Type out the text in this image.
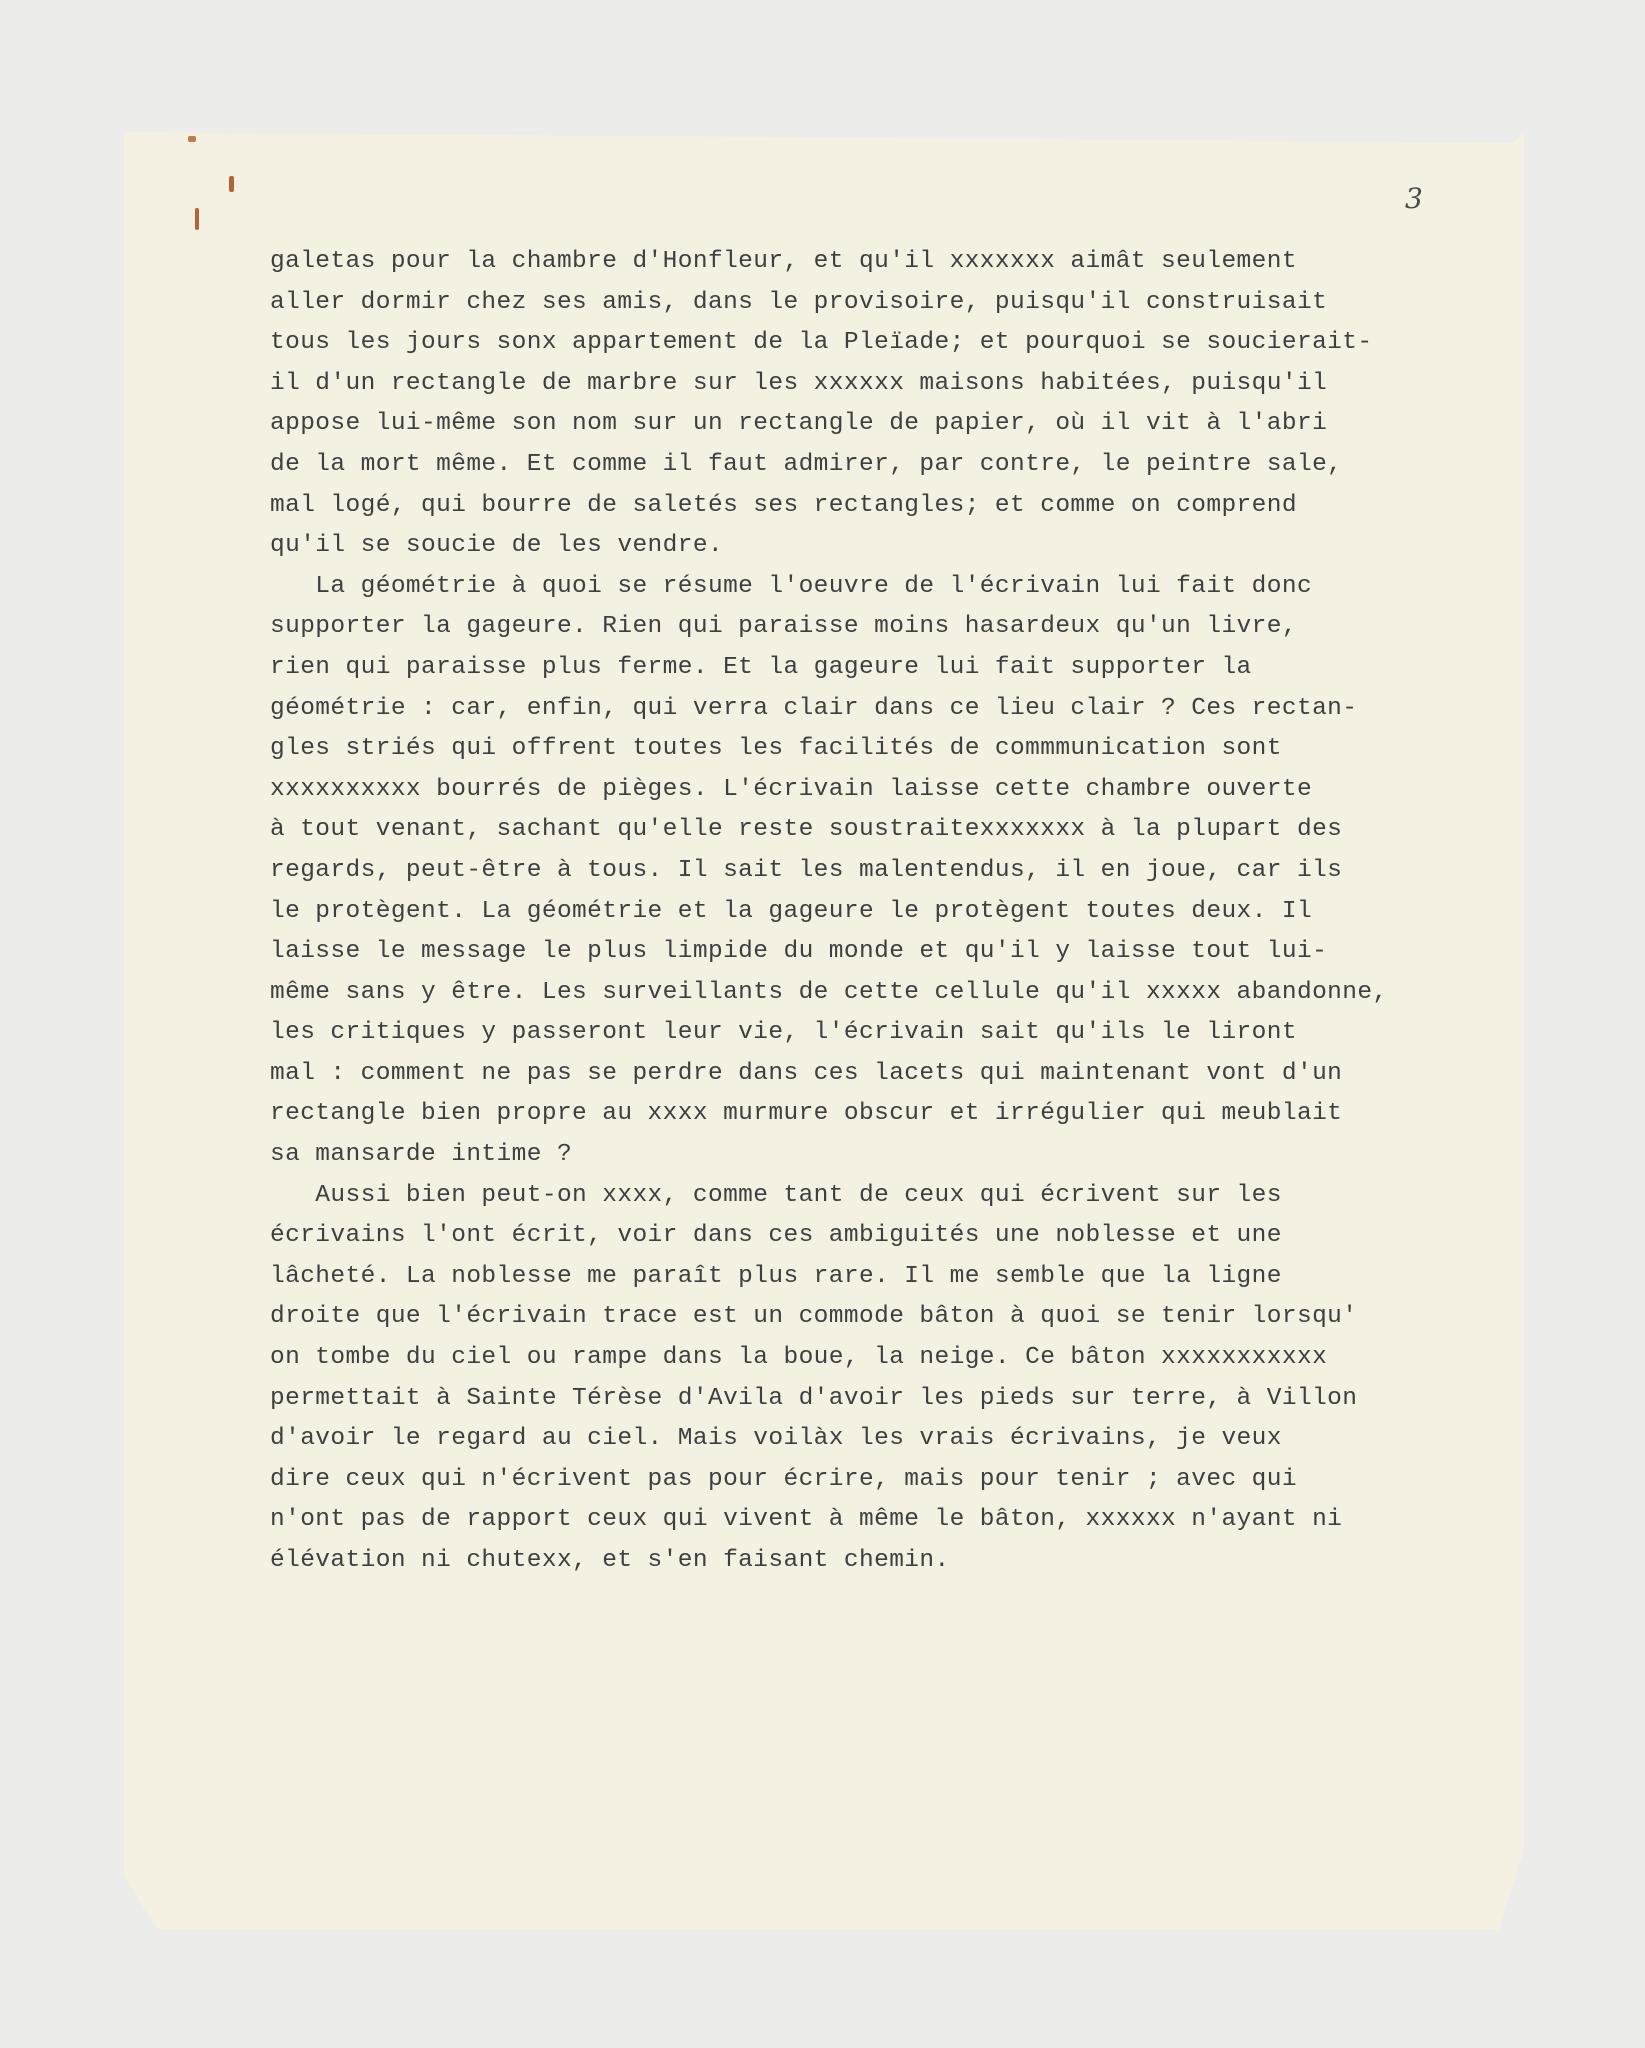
3
galetas pour la chambre d'Honfleur, et qu'il xxxxxxx aimât seulement
aller dormir chez ses amis, dans le provisoire, puisqu'il construisait
tous les jours sonx appartement de la Pleïade; et pourquoi se soucierait-
il d'un rectangle de marbre sur les xxxxxx maisons habitées, puisqu'il
appose lui-même son nom sur un rectangle de papier, où il vit à l'abri
de la mort même. Et comme il faut admirer, par contre, le peintre sale,
mal logé, qui bourre de saletés ses rectangles; et comme on comprend
qu'il se soucie de les vendre.
La géométrie à quoi se résume l'oeuvre de l'écrivain lui fait donc
supporter la gageure. Rien qui paraisse moins hasardeux qu'un livre,
rien qui paraisse plus ferme. Et la gageure lui fait supporter la
géométrie : car, enfin, qui verra clair dans ce lieu clair ? Ces rectan-
gles striés qui offrent toutes les facilités de commmunication sont
xxxxxxxxxx bourrés de pièges. L'écrivain laisse cette chambre ouverte
à tout venant, sachant qu'elle reste soustraitexxxxxxx à la plupart des
regards, peut-être à tous. Il sait les malentendus, il en joue, car ils
le protègent. La géométrie et la gageure le protègent toutes deux. Il
laisse le message le plus limpide du monde et qu'il y laisse tout lui-
même sans y être. Les surveillants de cette cellule qu'il xxxxx abandonne,
les critiques y passeront leur vie, l'écrivain sait qu'ils le liront
mal : comment ne pas se perdre dans ces lacets qui maintenant vont d'un
rectangle bien propre au xxxx murmure obscur et irrégulier qui meublait
sa mansarde intime ?
Aussi bien peut-on xxxx, comme tant de ceux qui écrivent sur les
écrivains l'ont écrit, voir dans ces ambiguités une noblesse et une
lâcheté. La noblesse me paraît plus rare. Il me semble que la ligne
droite que l'écrivain trace est un commode bâton à quoi se tenir lorsqu'
on tombe du ciel ou rampe dans la boue, la neige. Ce bâton xxxxxxxxxxx
permettait à Sainte Térèse d'Avila d'avoir les pieds sur terre, à Villon
d'avoir le regard au ciel. Mais voilàx les vrais écrivains, je veux
dire ceux qui n'écrivent pas pour écrire, mais pour tenir ; avec qui
n'ont pas de rapport ceux qui vivent à même le bâton, xxxxxx n'ayant ni
élévation ni chutexx, et s'en faisant chemin.
